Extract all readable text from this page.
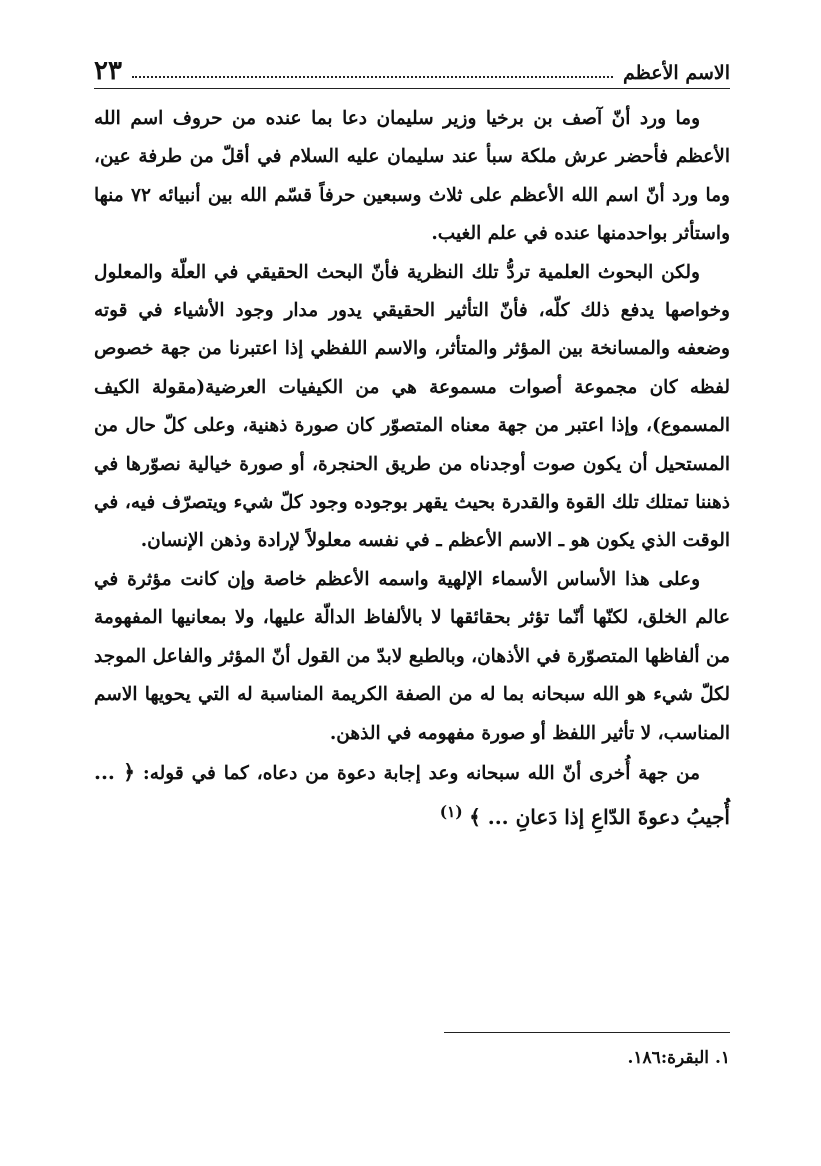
الاسم الأعظم
٢٣

وما ورد أنّ آصف بن برخيا وزير سليمان دعا بما عنده من حروف اسم الله الأعظم فأحضر عرش ملكة سبأ عند سليمان عليه السلام في أقلّ من طرفة عين، وما ورد أنّ اسم الله الأعظم على ثلاث وسبعين حرفاً قسّم الله بين أنبيائه ٧٢ منها واستأثر بواحدمنها عنده في علم الغيب.

ولكن البحوث العلمية تردُّ تلك النظرية فأنّ البحث الحقيقي في العلّة والمعلول وخواصها يدفع ذلك كلّه، فأنّ التأثير الحقيقي يدور مدار وجود الأشياء في قوته وضعفه والمسانخة بين المؤثر والمتأثر، والاسم اللفظي إذا اعتبرنا من جهة خصوص لفظه كان مجموعة أصوات مسموعة هي من الكيفيات العرضية(مقولة الكيف المسموع)، وإذا اعتبر من جهة معناه المتصوّر كان صورة ذهنية، وعلى كلّ حال من المستحيل أن يكون صوت أوجدناه من طريق الحنجرة، أو صورة خيالية نصوّرها في ذهننا تمتلك تلك القوة والقدرة بحيث يقهر بوجوده وجود كلّ شيء ويتصرّف فيه، في الوقت الذي يكون هو ـ الاسم الأعظم ـ في نفسه معلولاً لإرادة وذهن الإنسان.

وعلى هذا الأساس الأسماء الإلهية واسمه الأعظم خاصة وإن كانت مؤثرة في عالم الخلق، لكنّها أنّما تؤثر بحقائقها لا بالألفاظ الدالّة عليها، ولا بمعانيها المفهومة من ألفاظها المتصوّرة في الأذهان، وبالطبع لابدّ من القول أنّ المؤثر والفاعل الموجد لكلّ شيء هو الله سبحانه بما له من الصفة الكريمة المناسبة له التي يحويها الاسم المناسب، لا تأثير اللفظ أو صورة مفهومه في الذهن.

من جهة أُخرى أنّ الله سبحانه وعد إجابة دعوة من دعاه، كما في قوله: ﴿ ... أُجيبُ دعوةَ الدّاعِ إذا دَعانِ ... ﴾ $^{(١)}$

١. البقرة:١٨٦.
